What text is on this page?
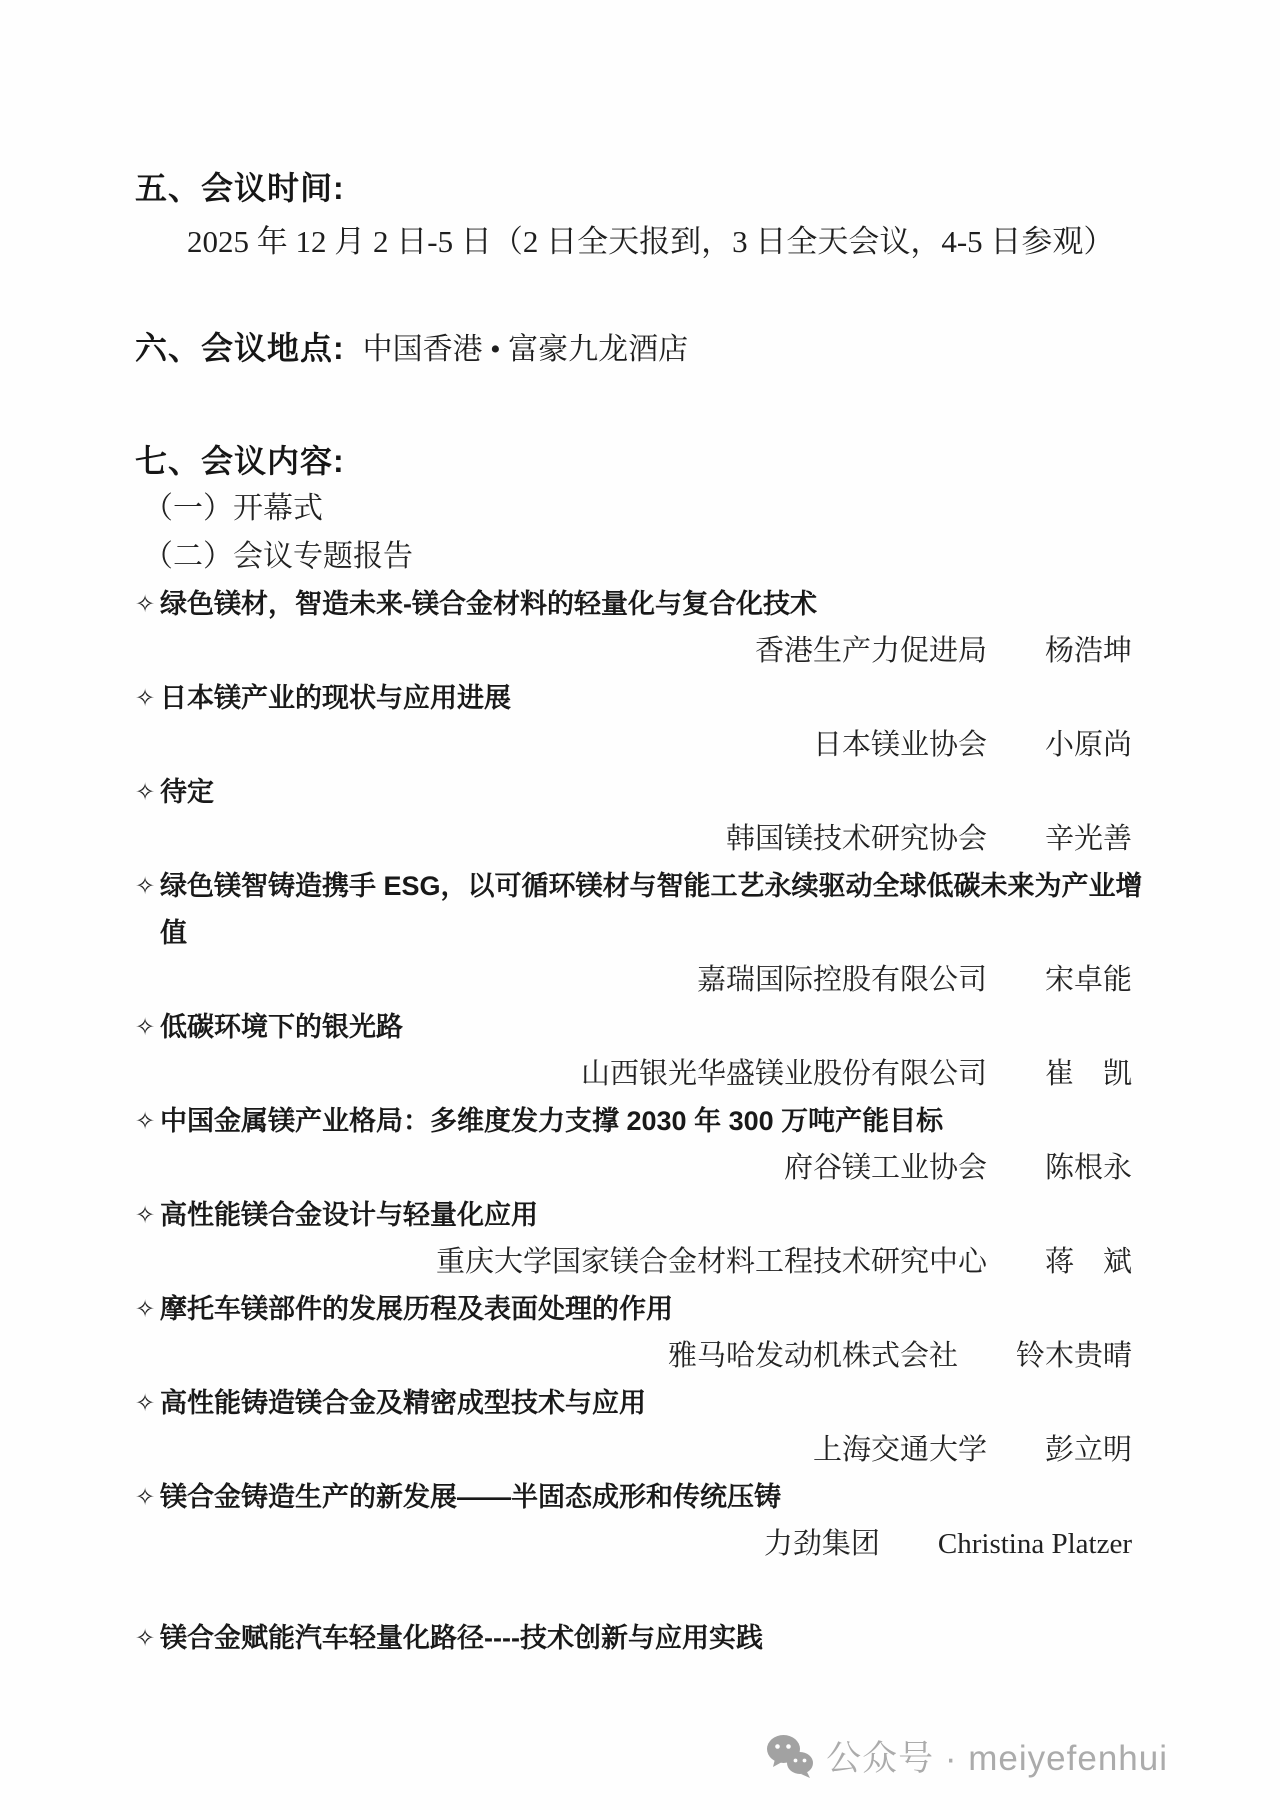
五、会议时间:
2025 年 12 月 2 日-5 日（2 日全天报到，3 日全天会议，4-5 日参观）
六、会议地点: 中国香港 • 富豪九龙酒店
七、会议内容:
（一）开幕式
（二）会议专题报告
✧ 绿色镁材，智造未来-镁合金材料的轻量化与复合化技术
香港生产力促进局　　杨浩坤
✧ 日本镁产业的现状与应用进展
日本镁业协会　　小原尚
✧ 待定
韩国镁技术研究协会　　辛光善
✧ 绿色镁智铸造携手 ESG，以可循环镁材与智能工艺永续驱动全球低碳未来为产业增值
嘉瑞国际控股有限公司　　宋卓能
✧ 低碳环境下的银光路
山西银光华盛镁业股份有限公司　　崔　凯
✧ 中国金属镁产业格局：多维度发力支撑 2030 年 300 万吨产能目标
府谷镁工业协会　　陈根永
✧ 高性能镁合金设计与轻量化应用
重庆大学国家镁合金材料工程技术研究中心　　蒋　斌
✧ 摩托车镁部件的发展历程及表面处理的作用
雅马哈发动机株式会社　　铃木贵晴
✧ 高性能铸造镁合金及精密成型技术与应用
上海交通大学　　彭立明
✧ 镁合金铸造生产的新发展——半固态成形和传统压铸
力劲集团　　Christina Platzer
✧ 镁合金赋能汽车轻量化路径----技术创新与应用实践
公众号 · meiyefenhui
